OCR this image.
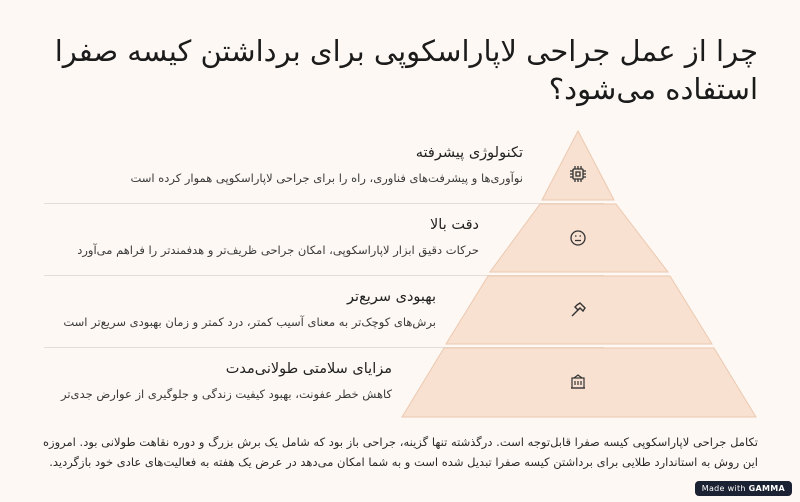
چرا از عمل جراحی لاپاراسکوپی برای برداشتن کیسه صفرا استفاده می‌شود؟

تکنولوژی پیشرفته

نوآوری‌ها و پیشرفت‌های فناوری، راه را برای جراحی لاپاراسکوپی هموار کرده است

دقت بالا

حرکات دقیق ابزار لاپاراسکوپی، امکان جراحی ظریف‌تر و هدفمندتر را فراهم می‌آورد

بهبودی سریع‌تر

برش‌های کوچک‌تر به معنای آسیب کمتر، درد کمتر و زمان بهبودی سریع‌تر است

مزایای سلامتی طولانی‌مدت

کاهش خطر عفونت، بهبود کیفیت زندگی و جلوگیری از عوارض جدی‌تر

تکامل جراحی لاپاراسکوپی کیسه صفرا قابل‌توجه است. درگذشته تنها گزینه، جراحی باز بود که شامل یک برش بزرگ و دوره نقاهت طولانی بود. امروزه این روش به استاندارد طلایی برای برداشتن کیسه صفرا تبدیل شده است و به شما امکان می‌دهد در عرض یک هفته به فعالیت‌های عادی خود بازگردید.
Made with GAMMA
